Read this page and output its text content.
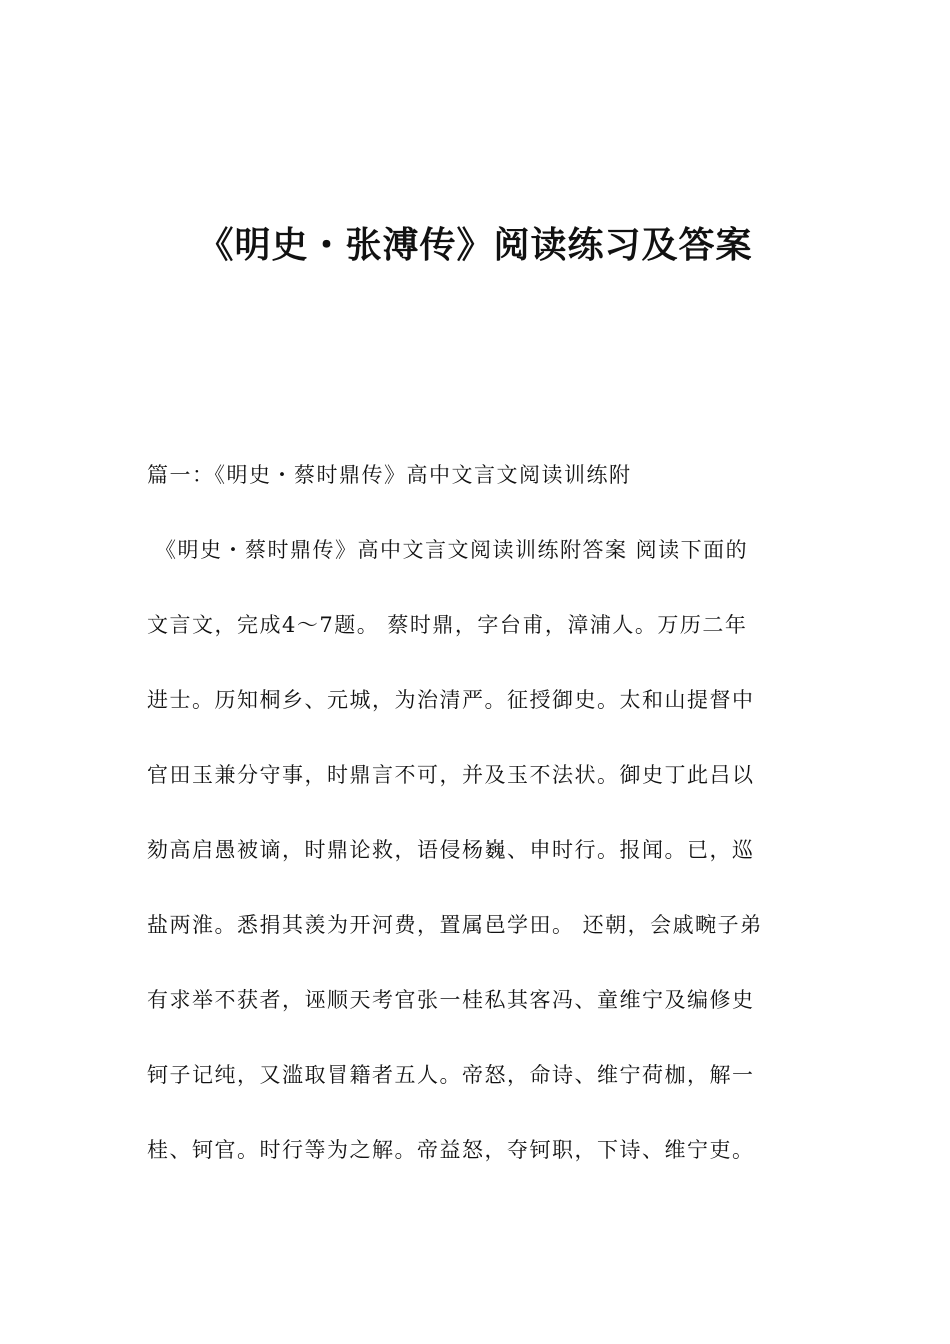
《明史・张溥传》阅读练习及答案
篇一：《明史・蔡时鼎传》高中文言文阅读训练附
《明史・蔡时鼎传》高中文言文阅读训练附答案 阅读下面的
文言文，完成4～7题。 蔡时鼎，字台甫，漳浦人。万历二年
进士。历知桐乡、元城，为治清严。征授御史。太和山提督中
官田玉兼分守事，时鼎言不可，并及玉不法状。御史丁此吕以
劾高启愚被谪，时鼎论救，语侵杨巍、申时行。报闻。已，巡
盐两淮。悉捐其羡为开河费，置属邑学田。 还朝，会戚畹子弟
有求举不获者，诬顺天考官张一桂私其客冯、童维宁及编修史
钶子记纯，又滥取冒籍者五人。帝怒，命诗、维宁荷枷，解一
桂、钶官。时行等为之解。帝益怒，夺钶职，下诗、维宁吏。
